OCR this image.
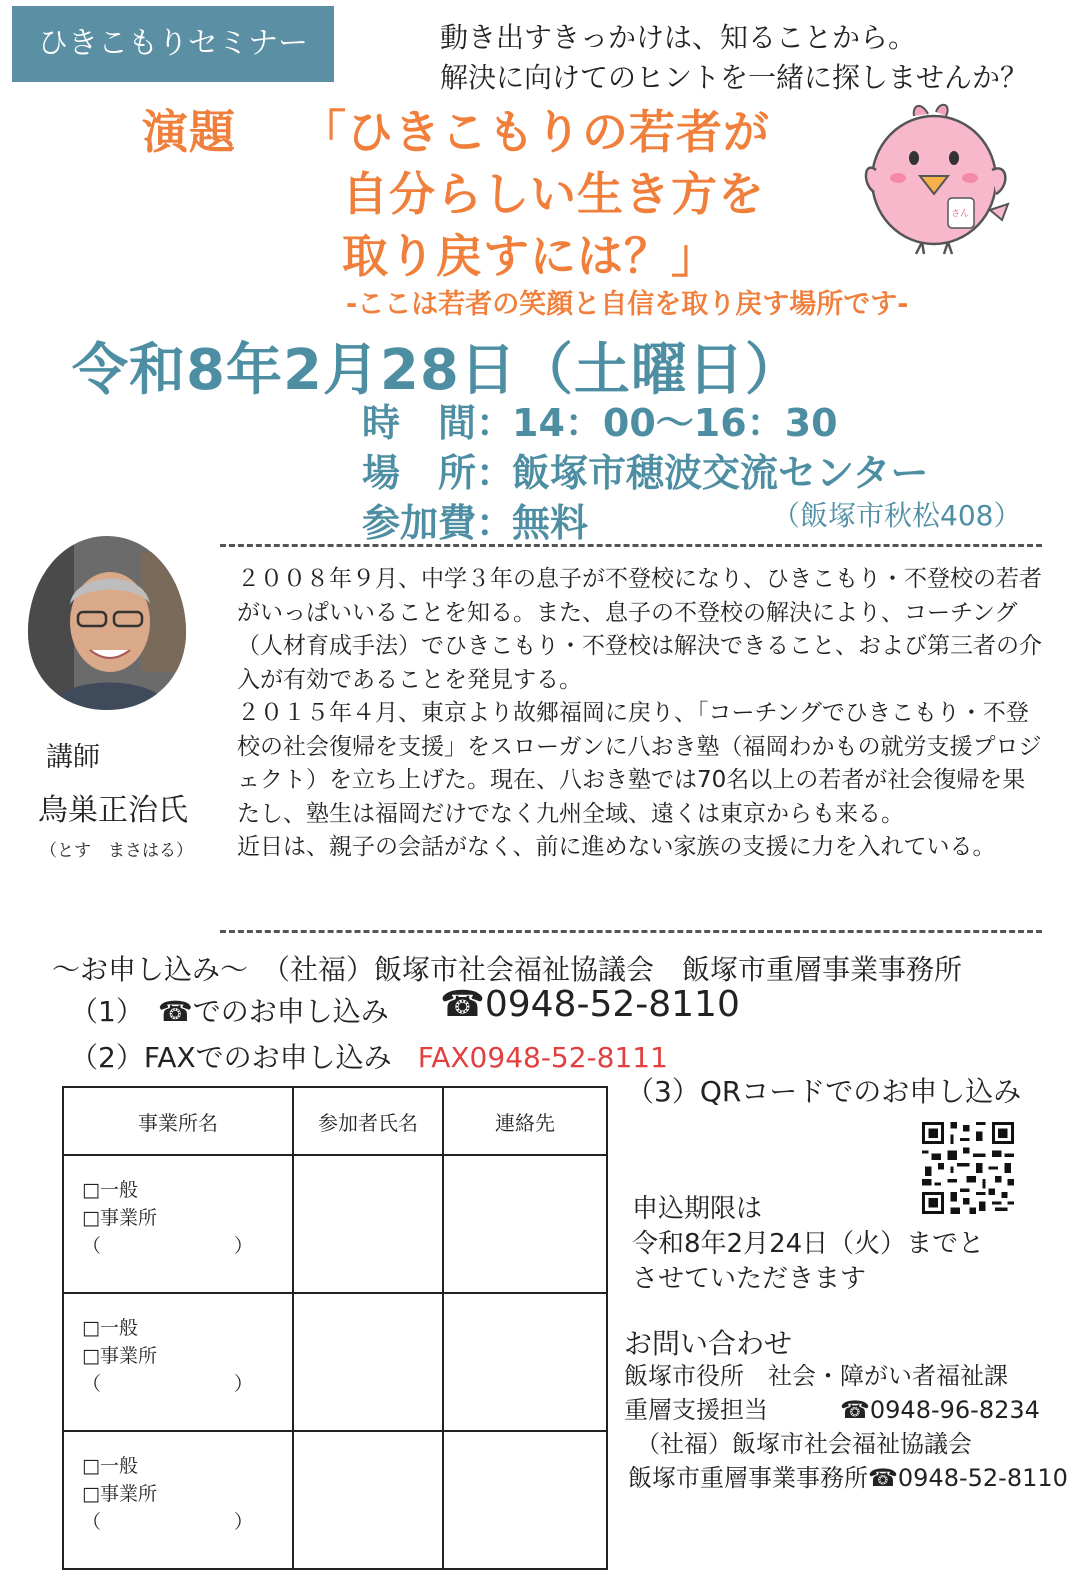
ひきこもりセミナー	動き出すきっかけは、知ることから。
解決に向けてのヒントを一緒に探しませんか？
演題 「ひきこもりの若者が
自分らしい生き方を
取り戻すには？」
-ここは若者の笑顔と自信を取り戻す場所です-
さん
令和8年2月28日（土曜日）
時　間：14：00～16：30
場　所：飯塚市穂波交流センター
参加費：無料	（飯塚市秋松408）
講師
鳥巣正治氏
（とす　まさはる）

２００８年９月、中学３年の息子が不登校になり、ひきこもり・不登校の若者がいっぱいいることを知る。また、息子の不登校の解決により、コーチング（人材育成手法）でひきこもり・不登校は解決できること、および第三者の介入が有効であることを発見する。

２０１５年４月、東京より故郷福岡に戻り、「コーチングでひきこもり・不登校の社会復帰を支援」をスローガンに八おき塾（福岡わかもの就労支援プロジェクト）を立ち上げた。現在、八おき塾では70名以上の若者が社会復帰を果たし、塾生は福岡だけでなく九州全域、遠くは東京からも来る。

近日は、親子の会話がなく、前に進めない家族の支援に力を入れている。

～お申し込み～　（社福）飯塚市社会福祉協議会　飯塚市重層事業事務所
（1）　☎でのお申し込み ☎0948-52-8110
（2）FAXでのお申し込み FAX0948-52-8111
（3）QRコードでのお申し込み
事業所名	参加者氏名	連絡先

□一般
□事業所
（　　　　　　　）		

□一般
□事業所
（　　　　　　　）		

□一般
□事業所
（　　　　　　　）		

申込期限は
令和8年2月24日（火）までと
させていただきます
お問い合わせ
飯塚市役所　社会・障がい者福祉課
重層支援担当　　　☎0948-96-8234
（社福）飯塚市社会福祉協議会
飯塚市重層事業事務所☎0948-52-8110
